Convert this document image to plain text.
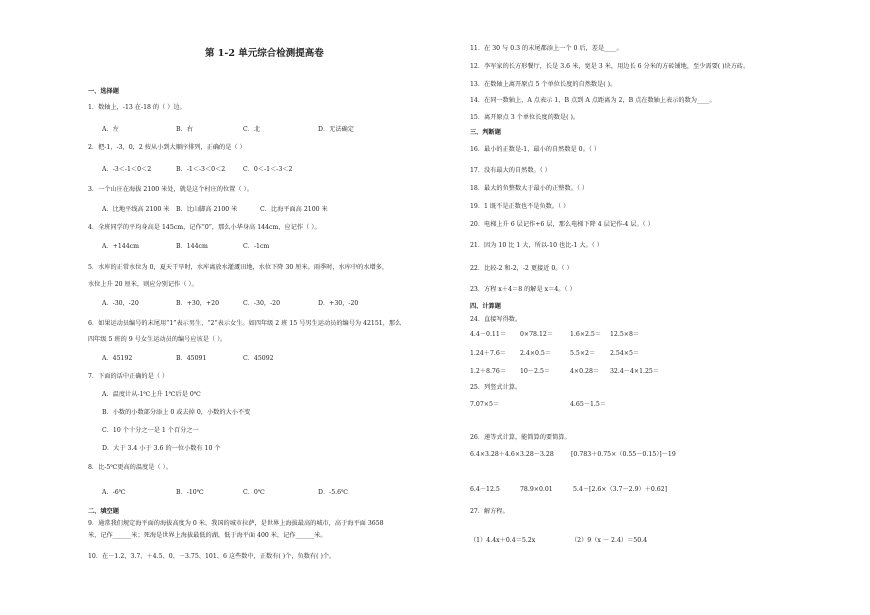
第 1-2 单元综合检测提高卷
一、选择题
1．数轴上，-13 在-18 的（ ）边。
A．左	B．右	C．北	D．无法确定
2．把-1，-3，0，2 按从小到大顺序排列，正确的是（ ）
A．-3＜-1＜0＜2	B．-1＜-3＜0＜2	C．0＜-1＜-3＜2
3．一个山庄在海拔 2100 米处，就是这个村庄的位置（ ）。
A．比地平线高 2100 米 B．比山脚高 2100 米	C．比海平面高 2100 米
4．全班同学的平均身高是 145cm，记作“0”，那么小华身高 144cm，应记作（ ）。
A．+144cm	B．144cm	C．-1cm
5．水库的正常水位为 0，夏天干旱时，水库离放水灌溉田地，水位下降 30 厘米。雨季时，水库中的水增多，
水位上升 20 厘米，则应分别记作（ ）。
A．-30，-20	B．+30，+20	C．-30，-20	D．+30，-20
6．如果运动员编号的末尾用“1”表示男生，“2”表示女生。如四年级 2 班 15 号男生运动员的编号为 42151，那么
四年级 5 班的 9 号女生运动员的编号应该是（ ）。
A．45192	B．45091	C．45092
7．下面的话中正确的是（ ）
A．温度计从-1℃上升 1℃后是 0℃
B．小数的小数部分添上 0 或去掉 0，小数的大小不变
C．10 个十分之一是 1 个百分之一
D．大于 3.4 小于 3.6 的一位小数有 10 个
8．比-5℃更高的温度是（ ）。
A．-6℃	B．-10℃	C．0℃	D．-5.6℃
二、填空题
9．通常我们规定海平面的海拔高度为 0 米，我国的城市拉萨，是世界上海拔最高的城市，高于海平面 3658
米，记作______米；死海是世界上海拔最低的湖，低于海平面 400 米，记作______米。
10．在－1.2、3.7、＋4.5、0、－3.75、101、6 这些数中，正数有( )个，负数有( )个。
11．在 30 与 0.3 的末尾都添上一个 0 后，差是____。
12．李军家的长方形餐厅，长是 3.6 米，宽是 3 米，用边长 6 分米的方砖铺地，至少需要( )块方砖。
13．在数轴上离开原点 5 个单位长度的自然数是( )。
14．在同一数轴上，A 点表示 1，B 点到 A 点距离为 2，B 点在数轴上表示的数为____。
15．离开原点 3 个单位长度的数是( )。
三、判断题
16．最小的正数是-1，最小的自然数是 0。（ ）
17．没有最大的自然数。（ ）
18．最大的负整数大于最小的正整数。（ ）
19．1 既不是正数也不是负数。（ ）
20．电梯上升 6 层记作+6 层，那么电梯下降 4 层记作-4 层。（ ）
21．因为 10 比 1 大，所以-10 也比-1 大。（ ）
22．比较-2 和-2，-2 更接近 0。（ ）
23．方程 x＋4＝8 的解是 x＝4。（ ）
四、计算题
24．直接写得数。
4.4－0.11＝ 0×78.12＝	1.6×2.5＝ 12.5×8＝
1.24＋7.6＝ 2.4×0.5＝	5.5×2＝ 2.54×5＝
1.2＋8.76＝ 10－2.5＝	4×0.28＝ 32.4－4×1.25＝
25．列竖式计算。
7.07×5＝	4.65－1.5＝
26．递等式计算，能简算的要简算。
6.4×3.28＋4.6×3.28－3.28	[0.783＋0.75×（0.55－0.15）]－19
6.4－12.5	78.9×0.01	5.4－[2.6×（3.7－2.9）＋0.62]
27．解方程。
（1）4.4x＋0.4＝5.2x	（2）9（x － 2.4）＝50.4
